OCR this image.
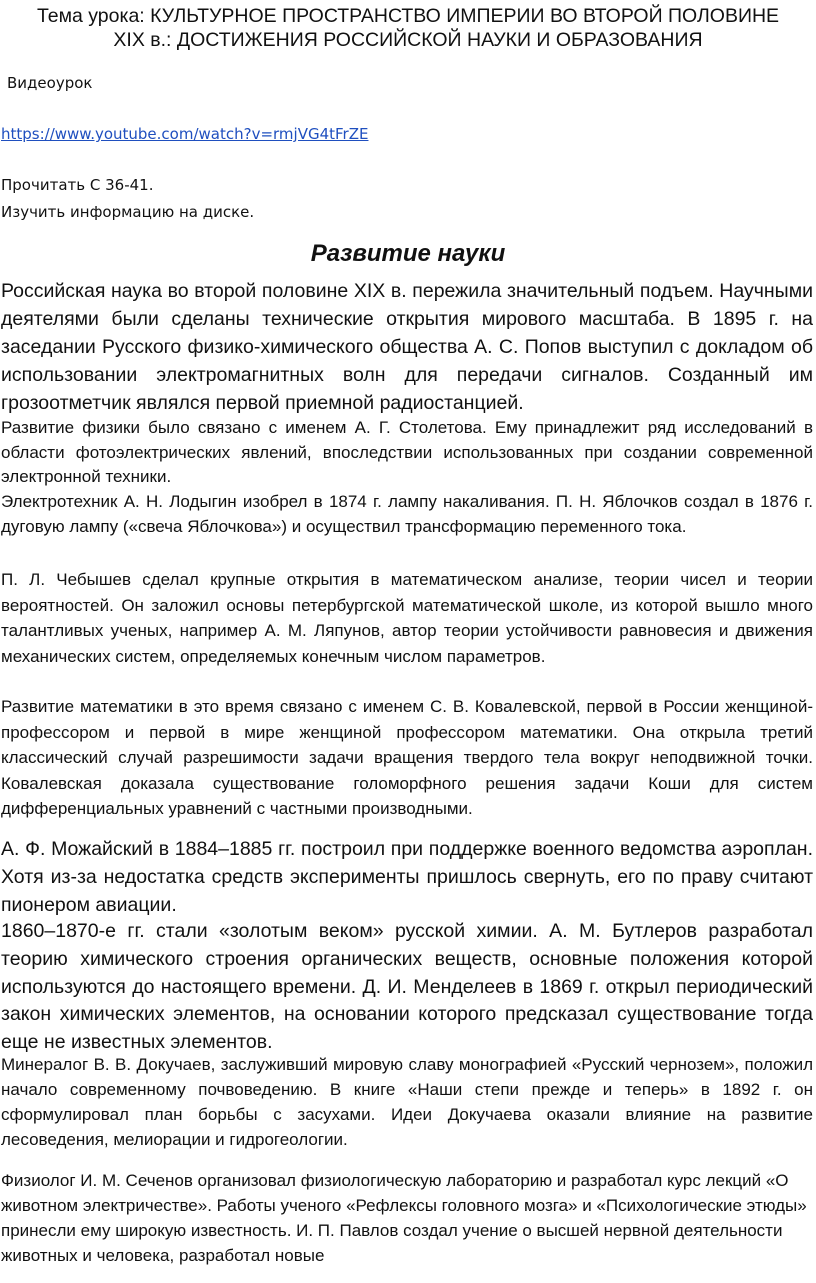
Тема урока: КУЛЬТУРНОЕ ПРОСТРАНСТВО ИМПЕРИИ ВО ВТОРОЙ ПОЛОВИНЕ
XIX в.: ДОСТИЖЕНИЯ РОССИЙСКОЙ НАУКИ И ОБРАЗОВАНИЯ
Видеоурок
https://www.youtube.com/watch?v=rmjVG4tFrZE
Прочитать С 36-41.
Изучить информацию на диске.
Развитие науки

Российская наука во второй половине XIX в. пережила значительный подъем. Научными деятелями были сделаны технические открытия мирового масштаба. В 1895 г. на заседании Русского физико-химического общества А. С. Попов выступил с докладом об использовании электромагнитных волн для передачи сигналов. Созданный им грозоотметчик являлся первой приемной радиостанцией.

Развитие физики было связано с именем А. Г. Столетова. Ему принадлежит ряд исследований в области фотоэлектрических явлений, впоследствии использованных при создании современной электронной техники.

Электротехник А. Н. Лодыгин изобрел в 1874 г. лампу накаливания. П. Н. Яблочков создал в 1876 г. дуговую лампу («свеча Яблочкова») и осуществил трансформацию переменного тока.

П. Л. Чебышев сделал крупные открытия в математическом анализе, теории чисел и теории вероятностей. Он заложил основы петербургской математической школе, из которой вышло много талантливых ученых, например А. М. Ляпунов, автор теории устойчивости равновесия и движения механических систем, определяемых конечным числом параметров.

Развитие математики в это время связано с именем С. В. Ковалевской, первой в России женщиной-профессором и первой в мире женщиной профессором математики. Она открыла третий классический случай разрешимости задачи вращения твердого тела вокруг неподвижной точки. Ковалевская доказала существование голоморфного решения задачи Коши для систем дифференциальных уравнений с частными производными.

А. Ф. Можайский в 1884–1885 гг. построил при поддержке военного ведомства аэроплан. Хотя из-за недостатка средств эксперименты пришлось свернуть, его по праву считают пионером авиации.

1860–1870-е гг. стали «золотым веком» русской химии. А. М. Бутлеров разработал теорию химического строения органических веществ, основные положения которой используются до настоящего времени. Д. И. Менделеев в 1869 г. открыл периодический закон химических элементов, на основании которого предсказал существование тогда еще не известных элементов.

Минералог В. В. Докучаев, заслуживший мировую славу монографией «Русский чернозем», положил начало современному почвоведению. В книге «Наши степи прежде и теперь» в 1892 г. он сформулировал план борьбы с засухами. Идеи Докучаева оказали влияние на развитие лесоведения, мелиорации и гидрогеологии.

Физиолог И. М. Сеченов организовал физиологическую лабораторию и разработал курс лекций «О животном электричестве». Работы ученого «Рефлексы головного мозга» и «Психологические этюды» принесли ему широкую известность. И. П. Павлов создал учение о высшей нервной деятельности животных и человека, разработал новые
